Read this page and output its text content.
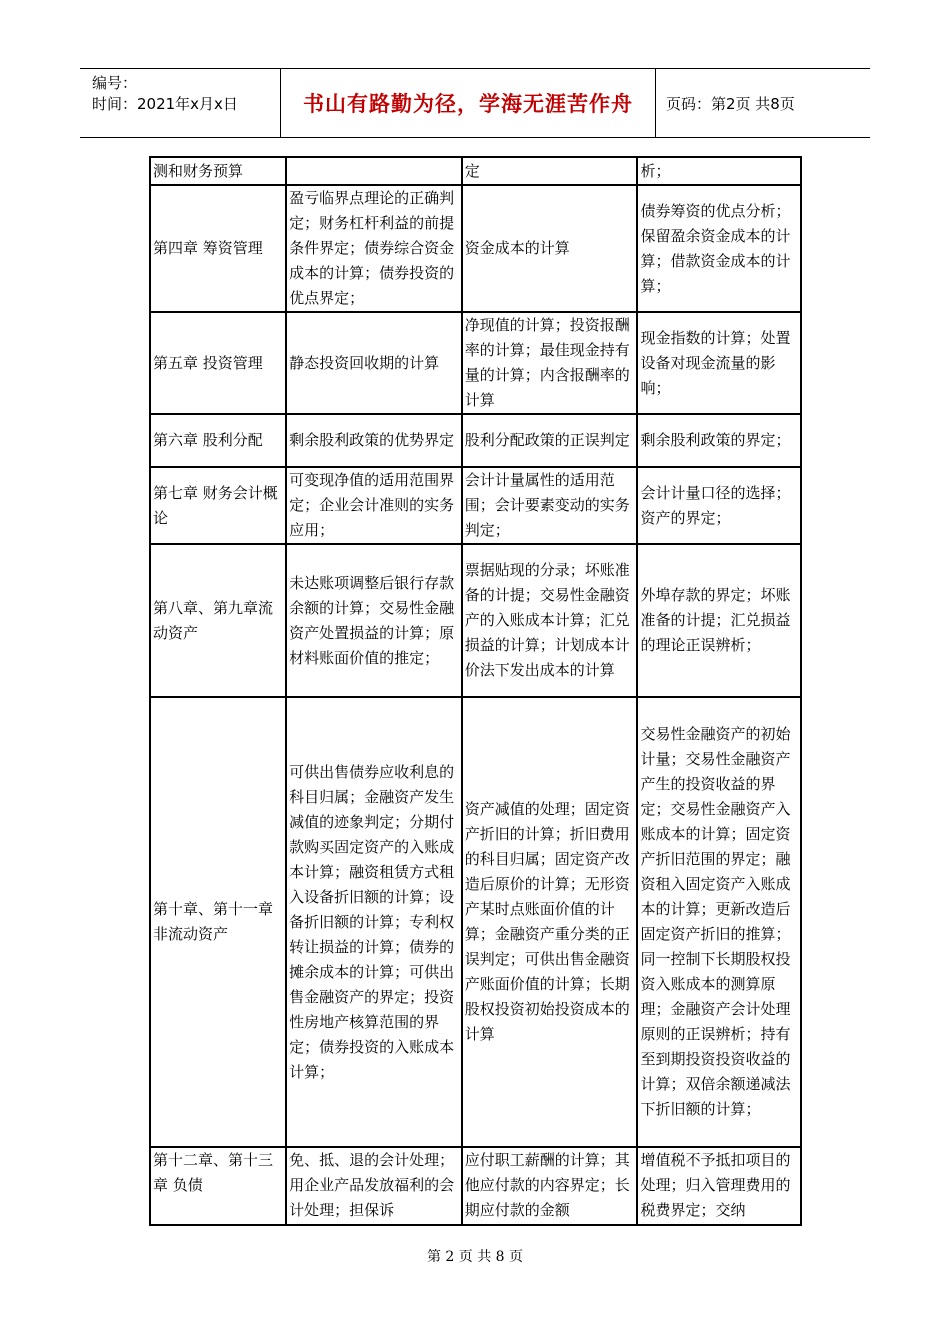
编号：
时间：2021年x月x日	书山有路勤为径，学海无涯苦作舟	页码：第2页 共8页
测和财务预算		定	析；
第四章 筹资管理	盈亏临界点理论的正确判定；财务杠杆利益的前提条件界定；债券综合资金成本的计算；债券投资的优点界定；	资金成本的计算	债券筹资的优点分析；保留盈余资金成本的计算；借款资金成本的计算；
第五章 投资管理	静态投资回收期的计算	净现值的计算；投资报酬率的计算；最佳现金持有量的计算；内含报酬率的计算	现金指数的计算；处置设备对现金流量的影响；
第六章 股利分配	剩余股利政策的优势界定	股利分配政策的正误判定	剩余股利政策的界定；
第七章 财务会计概论	可变现净值的适用范围界定；企业会计准则的实务应用；	会计计量属性的适用范围；会计要素变动的实务判定；	会计计量口径的选择；资产的界定；
第八章、第九章流动资产	未达账项调整后银行存款余额的计算；交易性金融资产处置损益的计算；原材料账面价值的推定；	票据贴现的分录；坏账准备的计提；交易性金融资产的入账成本计算；汇兑损益的计算；计划成本计价法下发出成本的计算	外埠存款的界定；坏账准备的计提；汇兑损益的理论正误辨析；
第十章、第十一章 非流动资产	可供出售债券应收利息的科目归属；金融资产发生减值的迹象判定；分期付款购买固定资产的入账成本计算；融资租赁方式租入设备折旧额的计算；设备折旧额的计算；专利权转让损益的计算；债券的摊余成本的计算；可供出售金融资产的界定；投资性房地产核算范围的界定；债券投资的入账成本计算；	资产减值的处理；固定资产折旧的计算；折旧费用的科目归属；固定资产改造后原价的计算；无形资产某时点账面价值的计算；金融资产重分类的正误判定；可供出售金融资产账面价值的计算；长期股权投资初始投资成本的计算	交易性金融资产的初始计量；交易性金融资产产生的投资收益的界定；交易性金融资产入账成本的计算；固定资产折旧范围的界定；融资租入固定资产入账成本的计算；更新改造后固定资产折旧的推算；同一控制下长期股权投资入账成本的测算原理；金融资产会计处理原则的正误辨析；持有至到期投资投资收益的计算；双倍余额递减法下折旧额的计算；
第十二章、第十三章 负债	免、抵、退的会计处理；用企业产品发放福利的会计处理；担保诉	应付职工薪酬的计算；其他应付款的内容界定；长期应付款的金额	增值税不予抵扣项目的处理；归入管理费用的税费界定；交纳
第 2 页 共 8 页
